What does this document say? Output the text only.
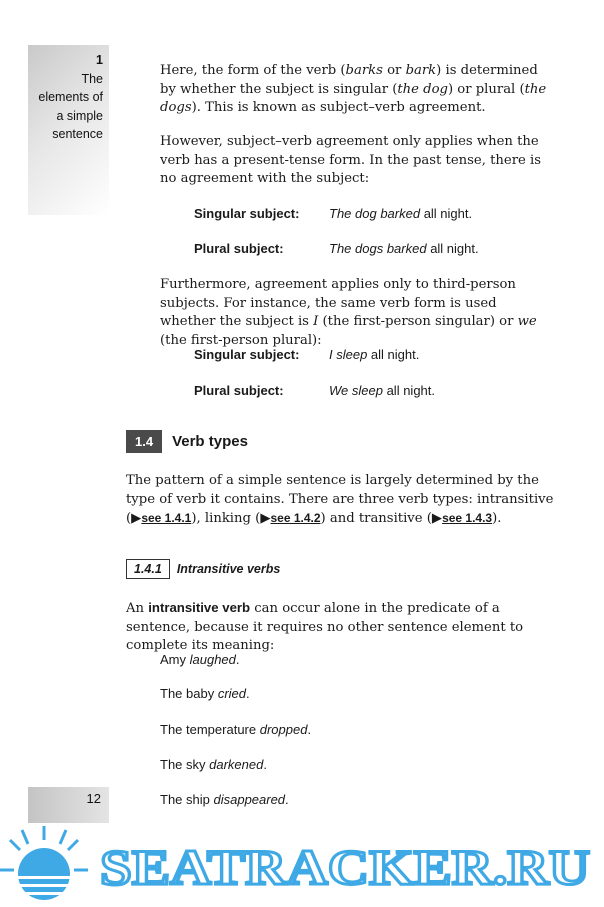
1
The
elements of
a simple
sentence

Here, the form of the verb (barks or bark) is determined by whether the subject is singular (the dog) or plural (the dogs). This is known as subject–verb agreement.

However, subject–verb agreement only applies when the verb has a present-tense form. In the past tense, there is no agreement with the subject:

Singular subject: The dog barked all night.
Plural subject:	The dogs barked all night.

Furthermore, agreement applies only to third-person subjects. For instance, the same verb form is used whether the subject is I (the first-person singular) or we (the first-person plural):

Singular subject: I sleep all night.
Plural subject:	We sleep all night.
1.4 Verb types

The pattern of a simple sentence is largely determined by the type of verb it contains. There are three verb types: intransitive (▶see 1.4.1), linking (▶see 1.4.2) and transitive (▶see 1.4.3).

1.4.1 Intransitive verbs

An intransitive verb can occur alone in the predicate of a sentence, because it requires no other sentence element to complete its meaning:

Amy laughed.
The baby cried.
The temperature dropped.
The sky darkened.
The ship disappeared.
12
SEATRACKER.RU
